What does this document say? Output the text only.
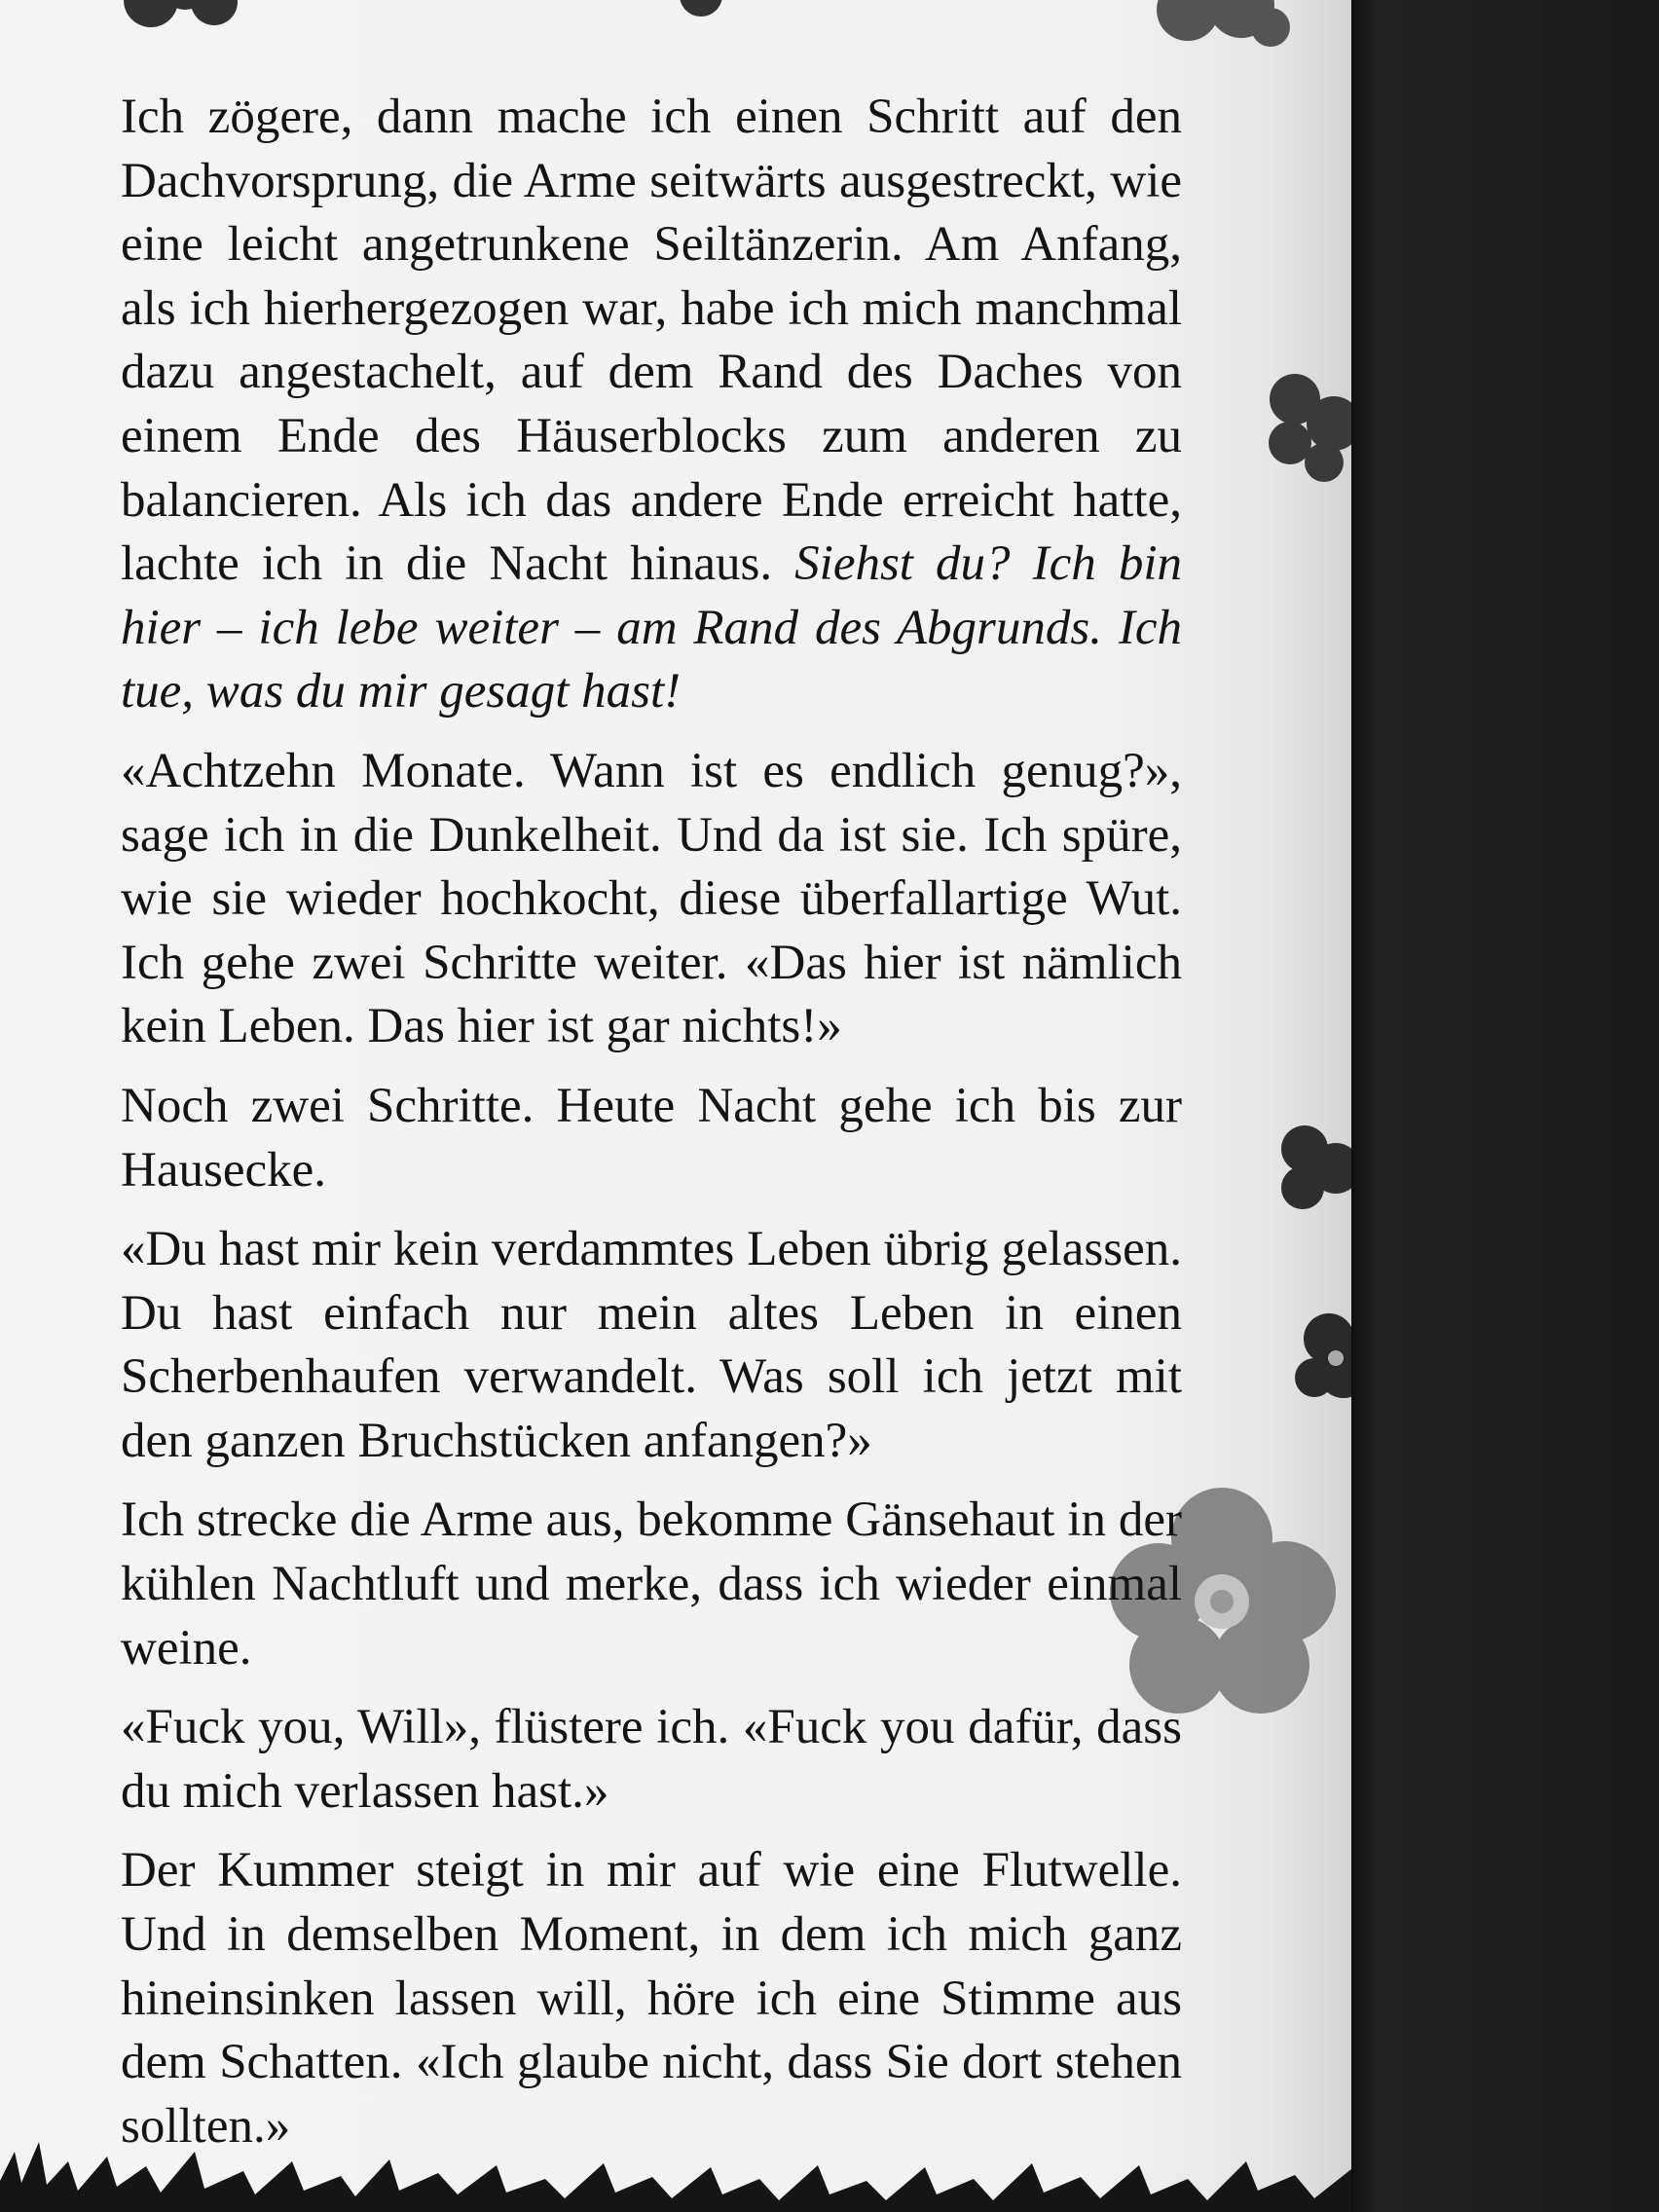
Ich zögere, dann mache ich einen Schritt auf den Dachvorsprung, die Arme seitwärts ausgestreckt, wie eine leicht angetrunkene Seiltänzerin. Am Anfang, als ich hierhergezogen war, habe ich mich manchmal dazu angestachelt, auf dem Rand des Daches von einem Ende des Häuserblocks zum anderen zu balancieren. Als ich das andere Ende erreicht hatte, lachte ich in die Nacht hinaus. Siehst du? Ich bin hier – ich lebe weiter – am Rand des Abgrunds. Ich tue, was du mir gesagt hast!

«Achtzehn Monate. Wann ist es endlich genug?», sage ich in die Dunkelheit. Und da ist sie. Ich spüre, wie sie wieder hochkocht, diese überfallartige Wut. Ich gehe zwei Schritte weiter. «Das hier ist nämlich kein Leben. Das hier ist gar nichts!»

Noch zwei Schritte. Heute Nacht gehe ich bis zur Hausecke.

«Du hast mir kein verdammtes Leben übrig gelassen. Du hast einfach nur mein altes Leben in einen Scherbenhaufen verwandelt. Was soll ich jetzt mit den ganzen Bruchstücken anfangen?»

Ich strecke die Arme aus, bekomme Gänsehaut in der kühlen Nachtluft und merke, dass ich wieder einmal weine.

«Fuck you, Will», flüstere ich. «Fuck you dafür, dass du mich verlassen hast.»

Der Kummer steigt in mir auf wie eine Flutwelle. Und in demselben Moment, in dem ich mich ganz hineinsinken lassen will, höre ich eine Stimme aus dem Schatten. «Ich glaube nicht, dass Sie dort stehen sollten.»
